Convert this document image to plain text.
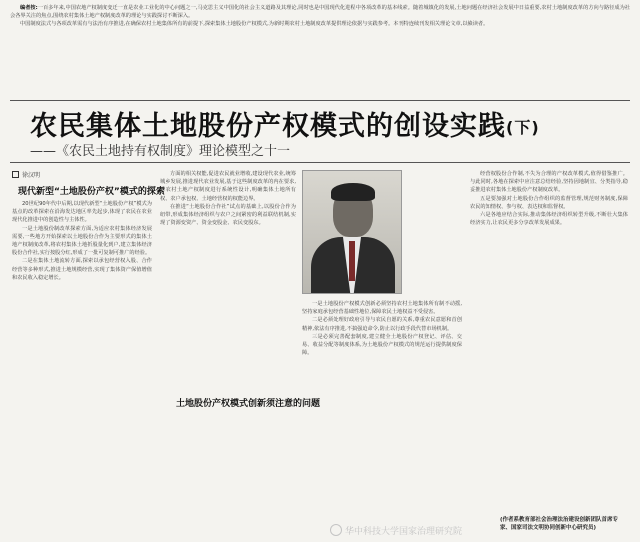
编者按:一百多年来,中国农地产权制度变迁一直是农业工业化的中心问题之一,马克思主义中国化的社会主义道路及其理论,同时也是中国现代化进程中各项改革的基本线索。随着城镇化的发展,土地问题在经济社会发展中日益重要,农村土地制度改革的方向与路径成为社会各界关注的焦点,围绕农村集体土地产权制度改革的理论与实践探讨不断深入。

中国制度法式与各项改革需有与法治有序推进,在确保农村土地集体所有的前提下,探索集体土地股份产权模式,为新时期农村土地制度改革提供理论依据与实践参考。本刊特连续刊发相关理论文章,以飨读者。

农民集体土地股份产权模式的创设实践(下)
——《农民土地持有权制度》理论模型之十一
徐汉明
现代新型“土地股份产权”模式的探索

20世纪90年代中后期,以现代新型“土地股份产权”模式为基点的改革探索在沿海发达地区率先起步,体现了农民在农业现代化推进中的创造性与主体性。

一是土地股份制改革探索方面,为适应农村集体经济发展需要,一些地方开始探索以土地股份合作为主要形式的集体土地产权制度改革,将农村集体土地折股量化到户,建立集体经济股份合作社,实行按股分红,形成了一批可复制可推广的经验。

二是在集体土地流转方面,探索以承包经营权入股、合作经营等多种形式,推进土地规模经营,实现了集体资产保值增值和农民收入稳定增长。

方面的相关权能,促进农民就业增收,建设现代农业,统筹城乡发展,推进现代农业发展,基于这些制度改革的内在要求,对农村土地产权制度进行系统性设计,明确集体土地所有权、农户承包权、土地经营权的权能边界。

在推进“土地股份合作社”试点的基础上,以股份合作为纽带,形成集体经济组织与农户之间紧密的利益联结机制,实现了资源变资产、资金变股金、农民变股东。

土地股份产权模式创新须注意的问题

一是土地股份产权模式创新必须坚持农村土地集体所有制不动摇,坚持家庭承包经营基础性地位,保障农民土地权益不受侵害。

二是必须处理好政府引导与农民自愿的关系,尊重农民意愿和首创精神,依法有序推进,不搞强迫命令,防止以行政手段代替市场机制。

三是必须完善配套制度,建立健全土地股份产权登记、评估、交易、收益分配等制度体系,为土地股份产权模式的规范运行提供制度保障。

经营权股份合作制,不失为合理的产权改革模式,值得借鉴推广。与此同时,各地在探索中应注意总结经验,坚持因地制宜、分类指导,稳妥推进农村集体土地股份产权制度改革。

五是要加强对土地股份合作组织的监督管理,规范财务制度,保障农民的知情权、参与权、表达权和监督权。

六是各地应结合实际,推动集体经济组织转型升级,不断壮大集体经济实力,让农民更多分享改革发展成果。

(作者系教育部社会治理法治建设创新团队首席专家、国家司法文明协同创新中心研究员)
华中科技大学国家治理研究院
